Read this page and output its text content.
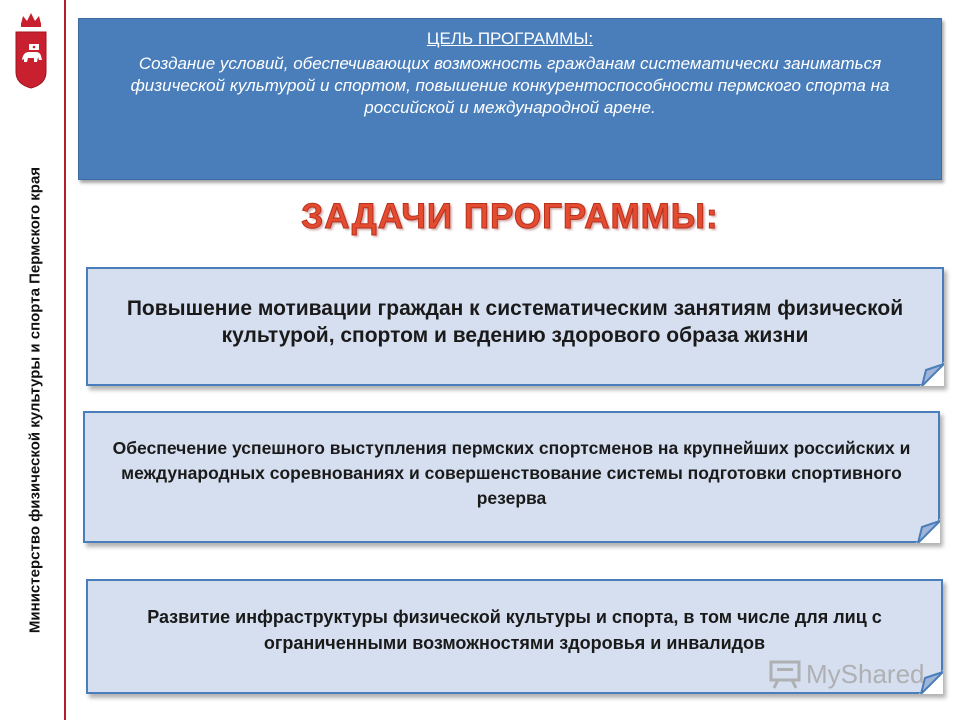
Министерство физической культуры и спорта Пермского края
ЦЕЛЬ ПРОГРАММЫ:
Создание условий, обеспечивающих возможность гражданам систематически заниматься физической культурой и спортом, повышение конкурентоспособности пермского спорта на российской и международной арене.
ЗАДАЧИ ПРОГРАММЫ:
Повышение мотивации граждан к систематическим занятиям физической культурой, спортом и ведению здорового образа жизни
Обеспечение успешного выступления пермских спортсменов на крупнейших российских и международных соревнованиях и совершенствование системы подготовки спортивного резерва
Развитие инфраструктуры физической культуры и спорта, в том числе для лиц с ограниченными возможностями здоровья и инвалидов
MyShared
